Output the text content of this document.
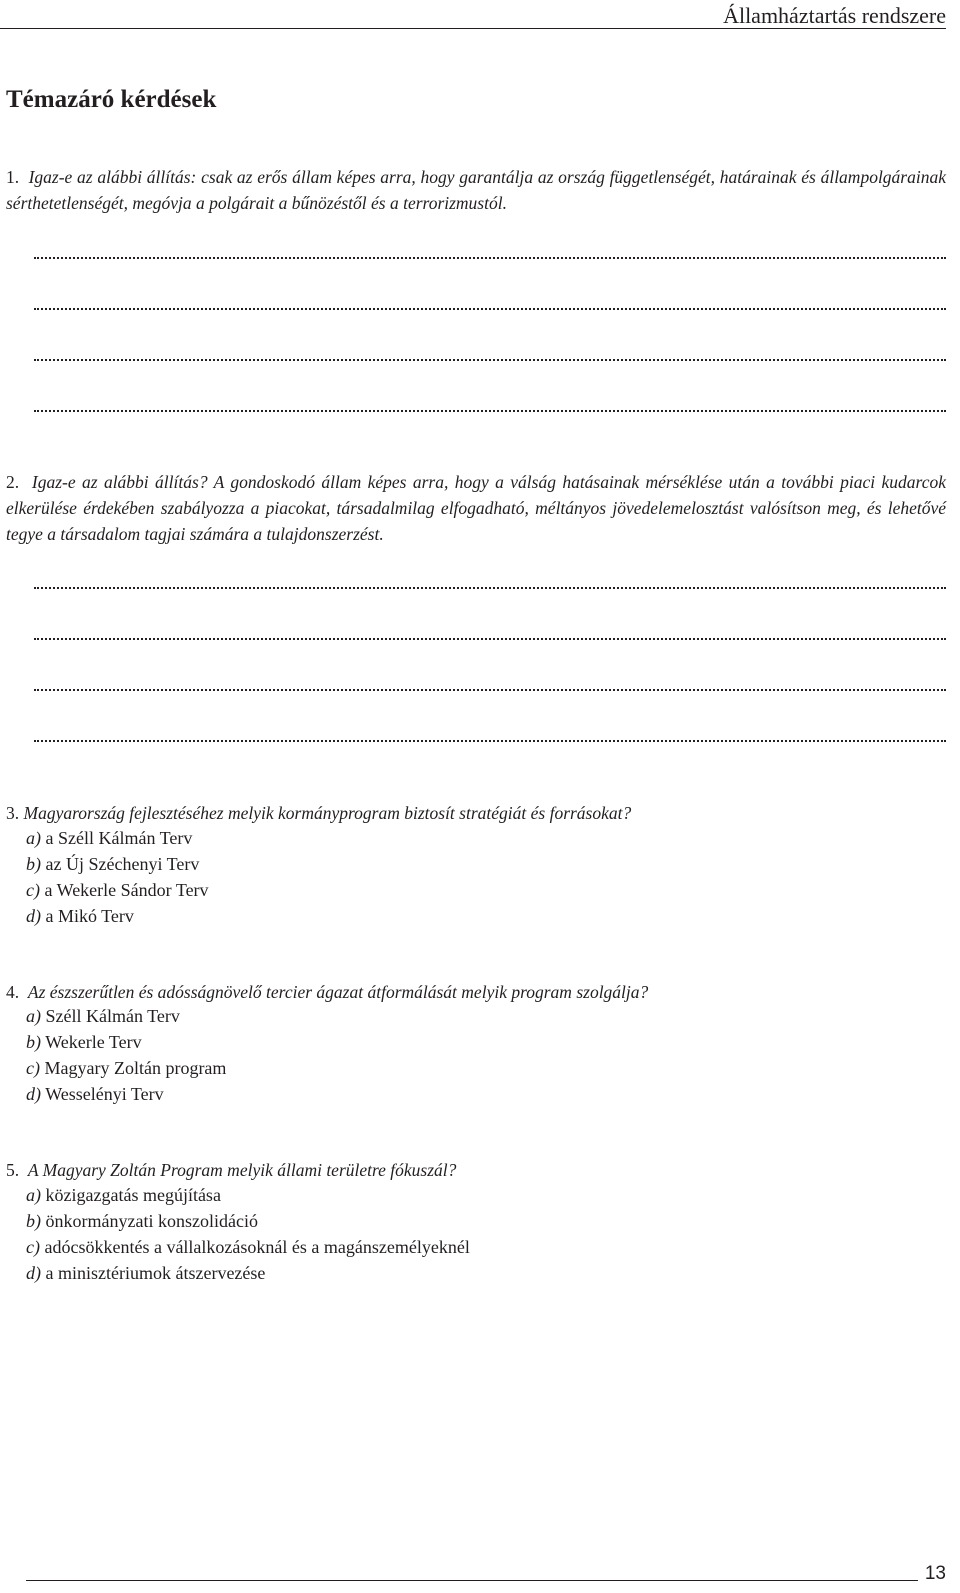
Államháztartás rendszere
Témazáró kérdések
1. Igaz-e az alábbi állítás: csak az erős állam képes arra, hogy garantálja az ország függetlenségét, határainak és állampolgárainak sérthetetlenségét, megóvja a polgárait a bűnözéstől és a terrorizmustól.
2. Igaz-e az alábbi állítás? A gondoskodó állam képes arra, hogy a válság hatásainak mérséklése után a további piaci kudarcok elkerülése érdekében szabályozza a piacokat, társadalmilag elfogadható, méltányos jövedelemelosztást valósítson meg, és lehetővé tegye a társadalom tagjai számára a tulajdonszerzést.
3. Magyarország fejlesztéséhez melyik kormányprogram biztosít stratégiát és forrásokat?
a) a Széll Kálmán Terv
b) az Új Széchenyi Terv
c) a Wekerle Sándor Terv
d) a Mikó Terv
4. Az észszerűtlen és adósságnövelő tercier ágazat átformálását melyik program szolgálja?
a) Széll Kálmán Terv
b) Wekerle Terv
c) Magyary Zoltán program
d) Wesselényi Terv
5. A Magyary Zoltán Program melyik állami területre fókuszál?
a) közigazgatás megújítása
b) önkormányzati konszolidáció
c) adócsökkentés a vállalkozásoknál és a magánszemélyeknél
d) a minisztériumok átszervezése
13
